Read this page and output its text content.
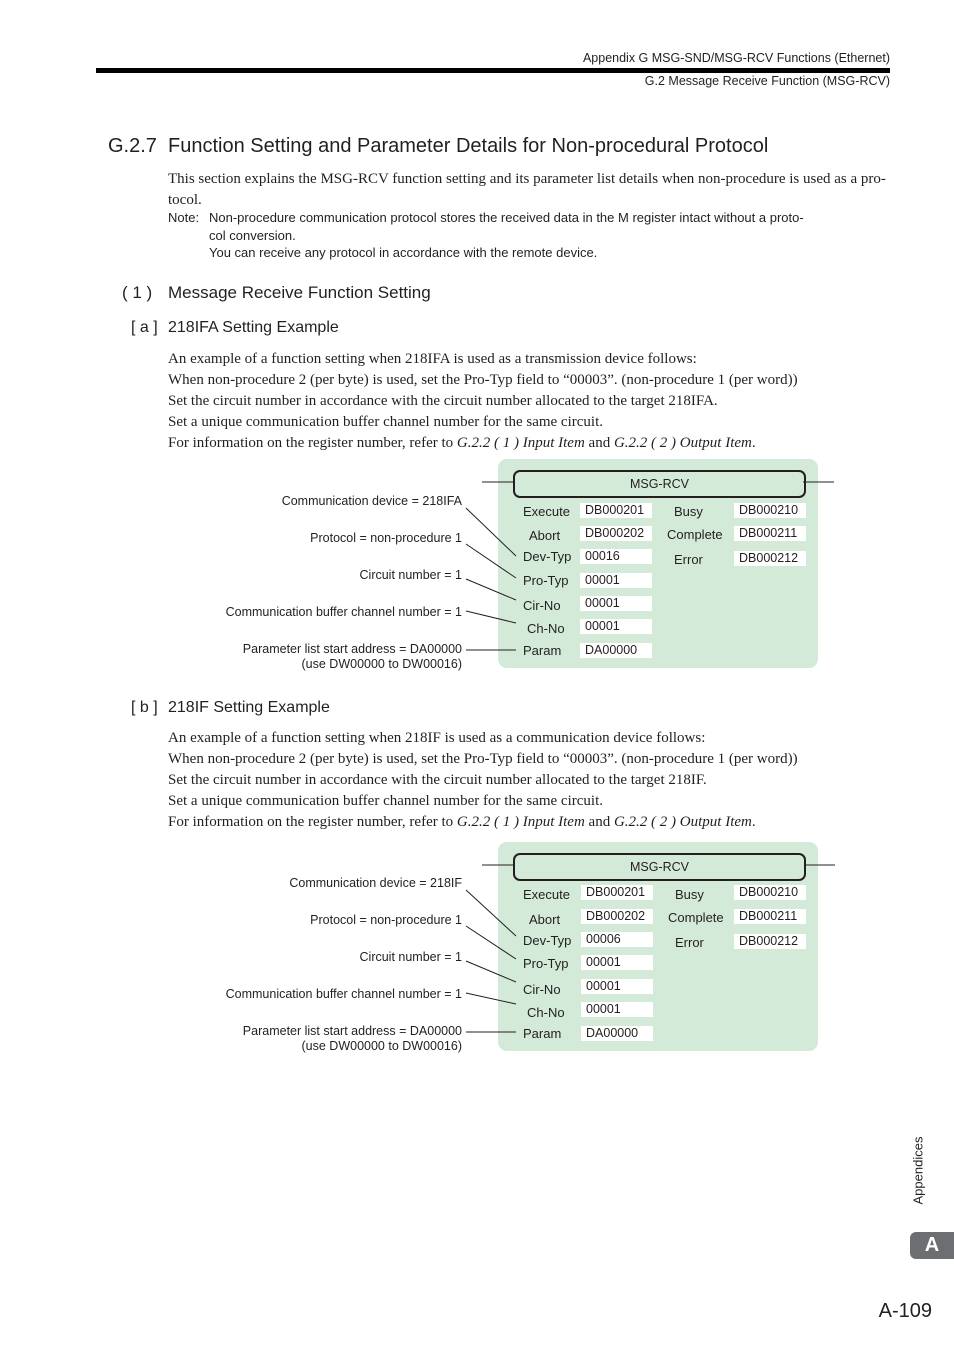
Appendix G MSG-SND/MSG-RCV Functions (Ethernet)
G.2 Message Receive Function (MSG-RCV)
G.2.7 Function Setting and Parameter Details for Non-procedural Protocol
This section explains the MSG-RCV function setting and its parameter list details when non-procedure is used as a pro-
tocol.
Note: Non-procedure communication protocol stores the received data in the M register intact without a proto-
col conversion.
You can receive any protocol in accordance with the remote device.
( 1 ) Message Receive Function Setting
[ a ] 218IFA Setting Example
An example of a function setting when 218IFA is used as a transmission device follows:
When non-procedure 2 (per byte) is used, set the Pro-Typ field to “00003”. (non-procedure 1 (per word))
Set the circuit number in accordance with the circuit number allocated to the target 218IFA.
Set a unique communication buffer channel number for the same circuit.
For information on the register number, refer to G.2.2 ( 1 ) Input Item and G.2.2 ( 2 ) Output Item.
MSG-RCV
Execute	DB000201
Abort	DB000202
Dev-Typ	00016
Pro-Typ	00001
Cir-No	00001
Ch-No	00001
Param	DA00000
Busy	DB000210
Complete	DB000211
Error	DB000212
Communication device = 218IFA
Protocol = non-procedure 1
Circuit number = 1
Communication buffer channel number = 1
Parameter list start address = DA00000
(use DW00000 to DW00016)
[ b ] 218IF Setting Example
An example of a function setting when 218IF is used as a communication device follows:
When non-procedure 2 (per byte) is used, set the Pro-Typ field to “00003”. (non-procedure 1 (per word))
Set the circuit number in accordance with the circuit number allocated to the target 218IF.
Set a unique communication buffer channel number for the same circuit.
For information on the register number, refer to G.2.2 ( 1 ) Input Item and G.2.2 ( 2 ) Output Item.
MSG-RCV
Execute	DB000201
Abort	DB000202
Dev-Typ	00006
Pro-Typ	00001
Cir-No	00001
Ch-No	00001
Param	DA00000
Busy	DB000210
Complete	DB000211
Error	DB000212
Communication device = 218IF
Protocol = non-procedure 1
Circuit number = 1
Communication buffer channel number = 1
Parameter list start address = DA00000
(use DW00000 to DW00016)
Appendices
A
A-109
